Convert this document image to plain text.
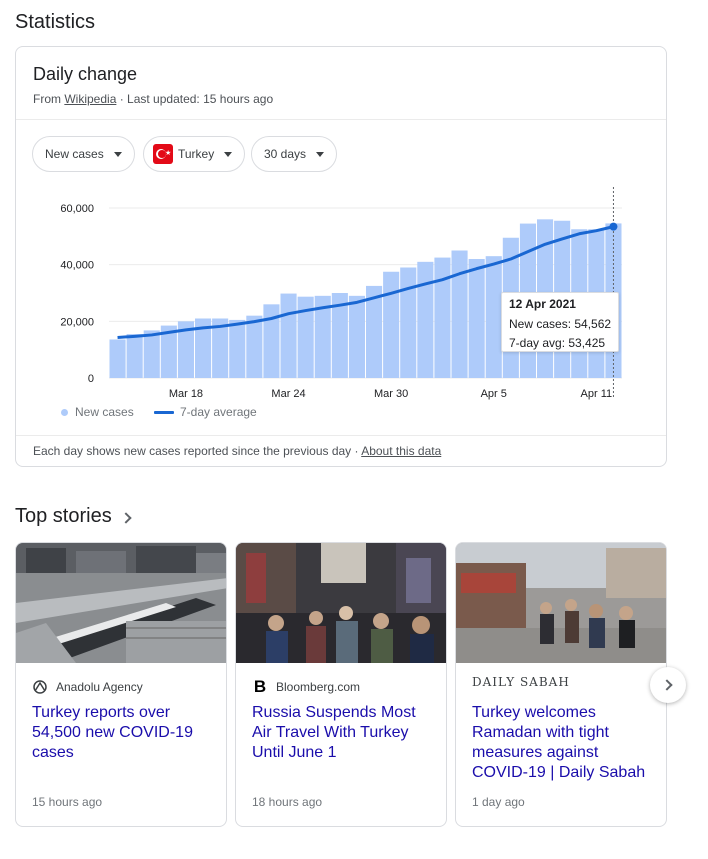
Statistics
Daily change
From Wikipedia · Last updated: 15 hours ago
New cases	★ Turkey	30 days
0
20,000
40,000
60,000
Mar 18	Mar 24	Mar 30	Apr 5	Apr 11
12 Apr 2021
New cases: 54,562
7-day avg: 53,425
New cases	7-day average
Each day shows new cases reported since the previous day · About this data
Top stories
Anadolu Agency
Turkey reports over 54,500 new COVID-19 cases
15 hours ago
B Bloomberg.com
Russia Suspends Most Air Travel With Turkey Until June 1
18 hours ago
DAILY SABAH
Turkey welcomes Ramadan with tight measures against COVID-19 | Daily Sabah
1 day ago
